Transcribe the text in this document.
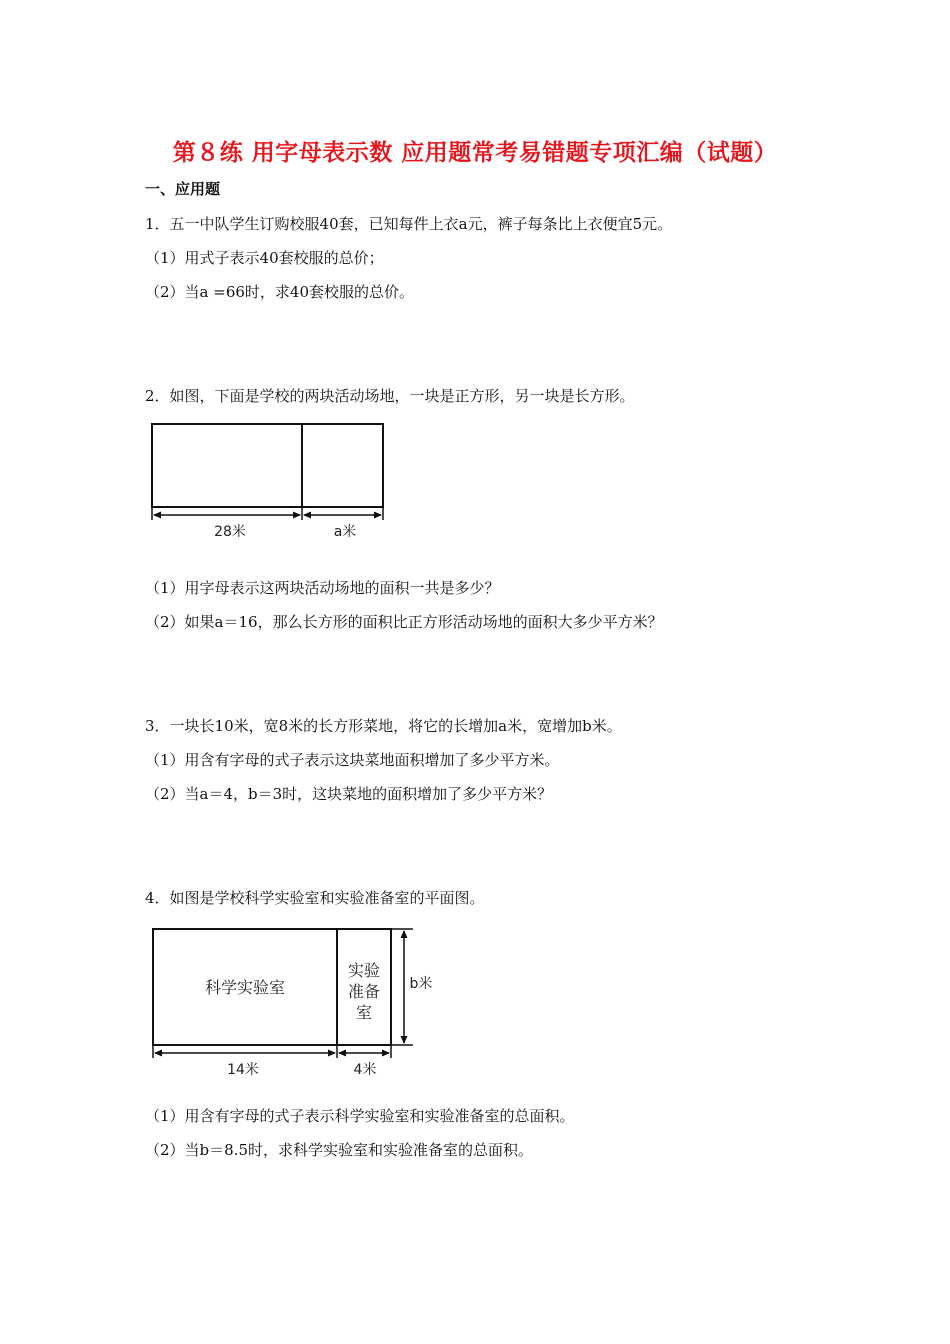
第８练 用字母表示数 应用题常考易错题专项汇编（试题）
一、应用题
1．五一中队学生订购校服40套，已知每件上衣a元，裤子每条比上衣便宜5元。
（1）用式子表示40套校服的总价；
（2）当a =66时，求40套校服的总价。
2．如图，下面是学校的两块活动场地，一块是正方形，另一块是长方形。
28米	a米
（1）用字母表示这两块活动场地的面积一共是多少？
（2）如果a＝16，那么长方形的面积比正方形活动场地的面积大多少平方米？
3．一块长10米，宽8米的长方形菜地，将它的长增加a米，宽增加b米。
（1）用含有字母的式子表示这块菜地面积增加了多少平方米。
（2）当a＝4，b＝3时，这块菜地的面积增加了多少平方米？
4．如图是学校科学实验室和实验准备室的平面图。
科学实验室
实验
准备
室
b米
14米	4米
（1）用含有字母的式子表示科学实验室和实验准备室的总面积。
（2）当b＝8.5时，求科学实验室和实验准备室的总面积。
